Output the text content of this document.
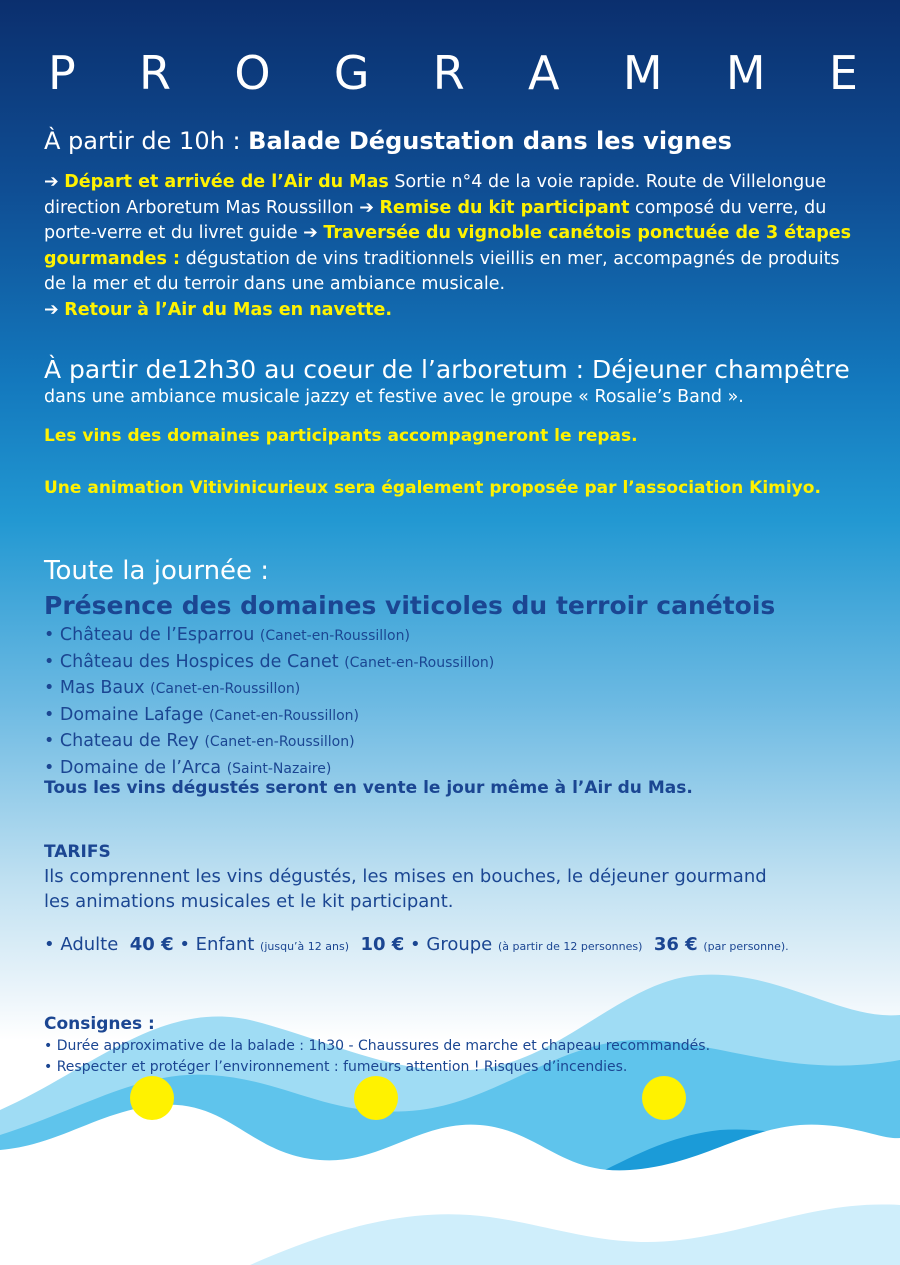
P R O G R A M M E
À partir de 10h : Balade Dégustation dans les vignes
➔ Départ et arrivée de l’Air du Mas Sortie n°4 de la voie rapide. Route de Villelongue direction Arboretum Mas Roussillon ➔ Remise du kit participant composé du verre, du porte-verre et du livret guide ➔ Traversée du vignoble canétois ponctuée de 3 étapes gourmandes : dégustation de vins traditionnels vieillis en mer, accompagnés de produits de la mer et du terroir dans une ambiance musicale.
➔ Retour à l’Air du Mas en navette.
À partir de12h30 au coeur de l’arboretum : Déjeuner champêtre
dans une ambiance musicale jazzy et festive avec le groupe « Rosalie’s Band ».
Les vins des domaines participants accompagneront le repas.
Une animation Vitivinicurieux sera également proposée par l’association Kimiyo.
Toute la journée :
Présence des domaines viticoles du terroir canétois
• Château de l’Esparrou (Canet-en-Roussillon)
• Château des Hospices de Canet (Canet-en-Roussillon)
• Mas Baux (Canet-en-Roussillon)
• Domaine Lafage (Canet-en-Roussillon)
• Chateau de Rey (Canet-en-Roussillon)
• Domaine de l’Arca (Saint-Nazaire)
Tous les vins dégustés seront en vente le jour même à l’Air du Mas.
TARIFS
Ils comprennent les vins dégustés, les mises en bouches, le déjeuner gourmand
les animations musicales et le kit participant.
• Adulte 40 € • Enfant (jusqu’à 12 ans) 10 € • Groupe (à partir de 12 personnes) 36 € (par personne).
Consignes :
• Durée approximative de la balade : 1h30 - Chaussures de marche et chapeau recommandés.
• Respecter et protéger l’environnement : fumeurs attention ! Risques d’incendies.
